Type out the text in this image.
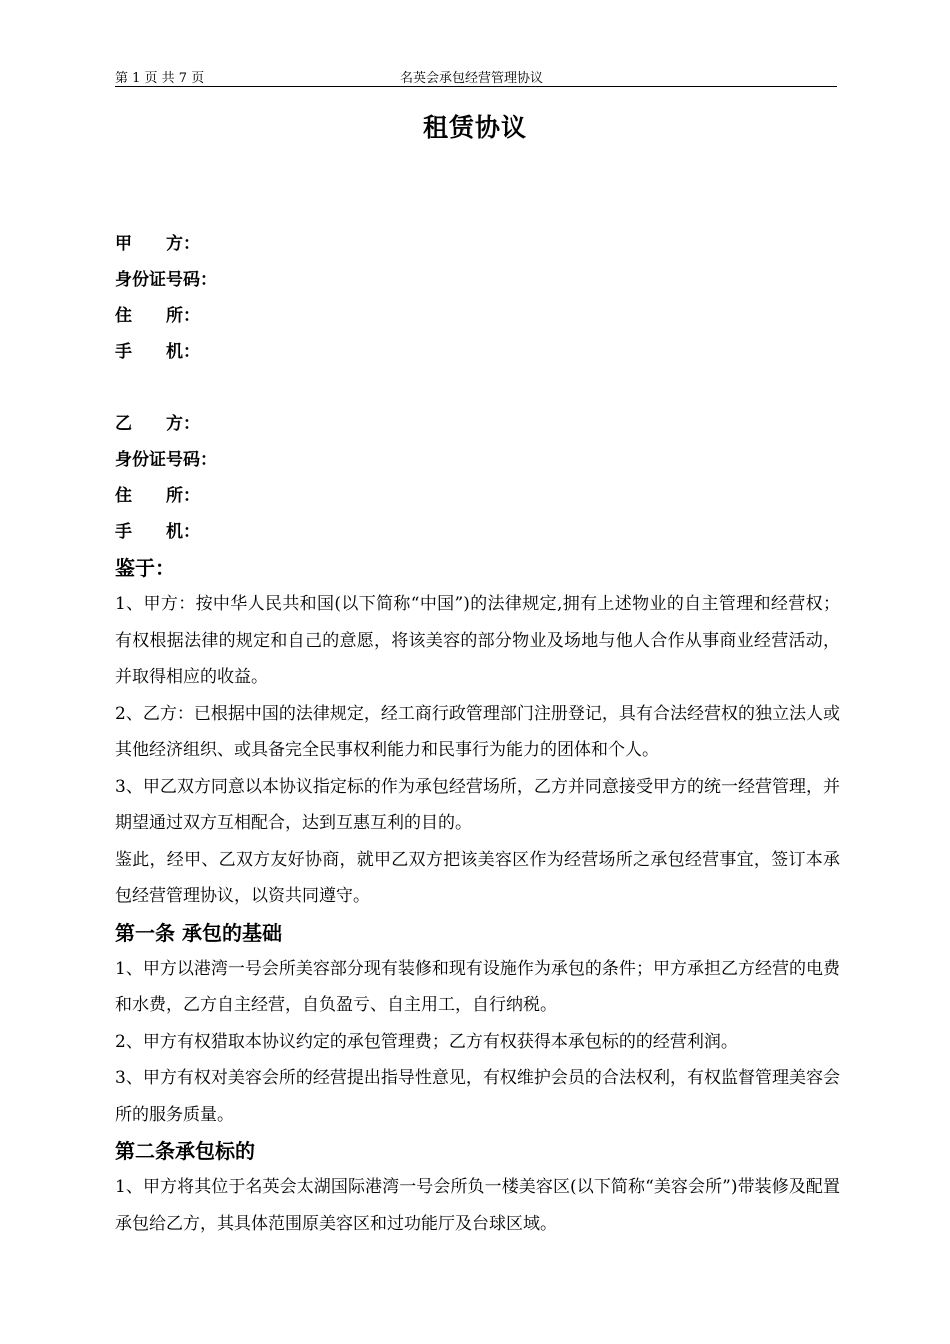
第 1 页 共 7 页	名英会承包经营管理协议
租赁协议
甲　　方：
身份证号码：
住　　所：
手　　机：
乙　　方：
身份证号码：
住　　所：
手　　机：
鉴于：

1、甲方：按中华人民共和国(以下简称“中国”)的法律规定,拥有上述物业的自主管理和经营权；有权根据法律的规定和自己的意愿，将该美容的部分物业及场地与他人合作从事商业经营活动，并取得相应的收益。

2、乙方：已根据中国的法律规定，经工商行政管理部门注册登记，具有合法经营权的独立法人或其他经济组织、或具备完全民事权利能力和民事行为能力的团体和个人。

3、甲乙双方同意以本协议指定标的作为承包经营场所，乙方并同意接受甲方的统一经营管理，并期望通过双方互相配合，达到互惠互利的目的。

鉴此，经甲、乙双方友好协商，就甲乙双方把该美容区作为经营场所之承包经营事宜，签订本承包经营管理协议，以资共同遵守。

第一条 承包的基础

1、甲方以港湾一号会所美容部分现有装修和现有设施作为承包的条件；甲方承担乙方经营的电费和水费，乙方自主经营，自负盈亏、自主用工，自行纳税。

2、甲方有权猎取本协议约定的承包管理费；乙方有权获得本承包标的的经营利润。

3、甲方有权对美容会所的经营提出指导性意见，有权维护会员的合法权利，有权监督管理美容会所的服务质量。

第二条承包标的

1、甲方将其位于名英会太湖国际港湾一号会所负一楼美容区(以下简称“美容会所”)带装修及配置承包给乙方，其具体范围原美容区和过功能厅及台球区域。
